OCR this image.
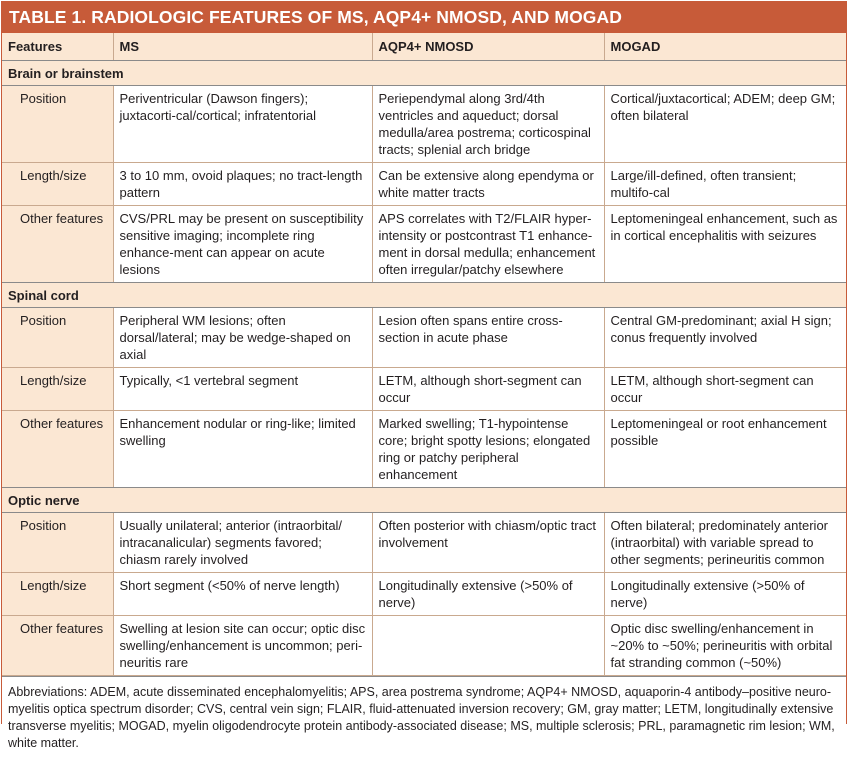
TABLE 1. RADIOLOGIC FEATURES OF MS, AQP4+ NMOSD, AND MOGAD
Features	MS	AQP4+ NMOSD	MOGAD
Brain or brainstem			
Position	Periventricular (Dawson fingers); juxtacorti-cal/cortical; infratentorial	Periependymal along 3rd/4th ventricles and aqueduct; dorsal medulla/area postrema; corticospinal tracts; splenial arch bridge	Cortical/juxtacortical; ADEM; deep GM; often bilateral
Length/size	3 to 10 mm, ovoid plaques; no tract-length pattern	Can be extensive along ependyma or white matter tracts	Large/ill-defined, often transient; multifo-cal
Other features	CVS/PRL may be present on susceptibility sensitive imaging; incomplete ring enhance-ment can appear on acute lesions	APS correlates with T2/FLAIR hyper-intensity or postcontrast T1 enhance-ment in dorsal medulla; enhancement often irregular/patchy elsewhere	Leptomeningeal enhancement, such as in cortical encephalitis with seizures
Spinal cord			
Position	Peripheral WM lesions; often dorsal/lateral; may be wedge-shaped on axial	Lesion often spans entire cross-section in acute phase	Central GM-predominant; axial H sign; conus frequently involved
Length/size	Typically, <1 vertebral segment	LETM, although short-segment can occur	LETM, although short-segment can occur
Other features	Enhancement nodular or ring-like; limited swelling	Marked swelling; T1-hypointense core; bright spotty lesions; elongated ring or patchy peripheral enhancement	Leptomeningeal or root enhancement possible
Optic nerve			
Position	Usually unilateral; anterior (intraorbital/ intracanalicular) segments favored; chiasm rarely involved	Often posterior with chiasm/optic tract involvement	Often bilateral; predominately anterior (intraorbital) with variable spread to other segments; perineuritis common
Length/size	Short segment (<50% of nerve length)	Longitudinally extensive (>50% of nerve)	Longitudinally extensive (>50% of nerve)
Other features	Swelling at lesion site can occur; optic disc swelling/enhancement is uncommon; peri-neuritis rare		Optic disc swelling/enhancement in ~20% to ~50%; perineuritis with orbital fat stranding common (~50%)
Abbreviations: ADEM, acute disseminated encephalomyelitis; APS, area postrema syndrome; AQP4+ NMOSD, aquaporin-4 antibody–positive neuro-myelitis optica spectrum disorder; CVS, central vein sign; FLAIR, fluid-attenuated inversion recovery; GM, gray matter; LETM, longitudinally extensive transverse myelitis; MOGAD, myelin oligodendrocyte protein antibody-associated disease; MS, multiple sclerosis; PRL, paramagnetic rim lesion; WM, white matter.
